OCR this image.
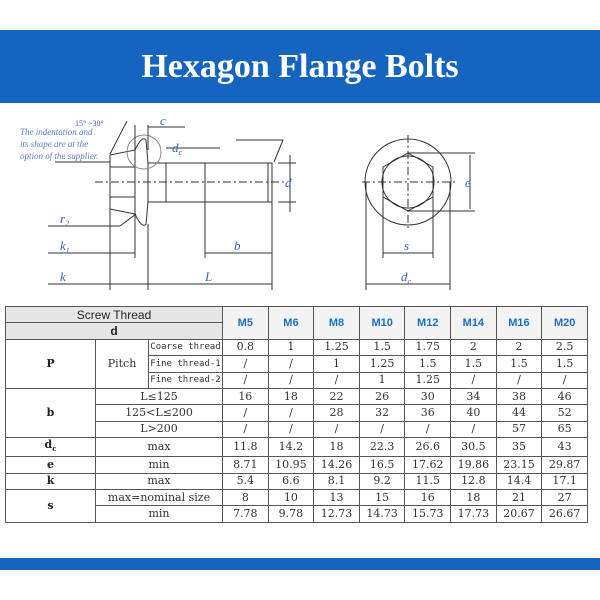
Hexagon Flange Bolts
15° ~30°
The indentation and
its shape are at the
option of the supplier.
c
$d_c$
d
$r_2$
$k_1$
k
b
L
e
s
$d_c$
Screw Thread			M5	M6	M8	M10	M12	M14	M16	M20
d										
P	Pitch	Coarse thread	0.8	1	1.25	1.5	1.75	2	2	2.5
		Fine thread-1	/	/	1	1.25	1.5	1.5	1.5	1.5
		Fine thread-2	/	/	/	1	1.25	/	/	/
b	L≤125		16	18	22	26	30	34	38	46
	125<L≤200		/	/	28	32	36	40	44	52
	L>200		/	/	/	/	/	/	57	65
$d_c$	max		11.8	14.2	18	22.3	26.6	30.5	35	43
e	min		8.71	10.95	14.26	16.5	17.62	19.86	23.15	29.87
k	max		5.4	6.6	8.1	9.2	11.5	12.8	14.4	17.1
s	max=nominal size		8	10	13	15	16	18	21	27
	min		7.78	9.78	12.73	14.73	15.73	17.73	20.67	26.67
